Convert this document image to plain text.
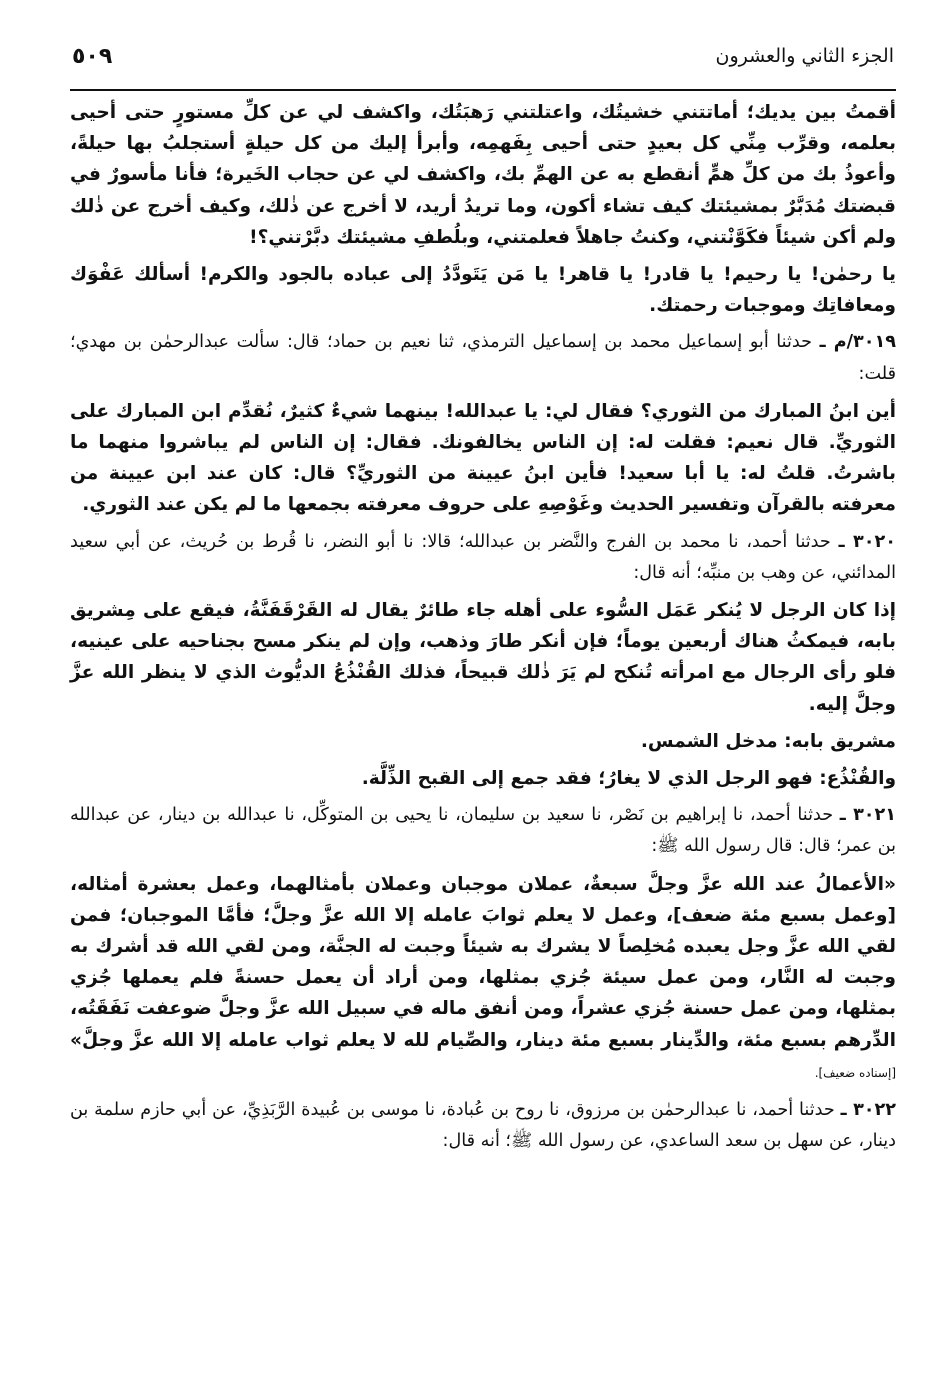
الجزء الثاني والعشرون
٥٠٩

أقمتُ بين يديك؛ أماتتني خشيتُك، واعتلتني رَهبَتُك، واكشف لي عن كلِّ مستورٍ حتى أحيى بعلمه، وقرِّب مِنِّي كل بعيدٍ حتى أحيى بِفَهمِه، وأبرأ إليك من كل حيلةٍ أستجلبُ بها حيلةً، وأعوذُ بك من كلِّ همٍّ أنقطع به عن الهمِّ بك، واكشف لي عن حجاب الخَيرة؛ فأنا مأسورٌ في قبضتك مُدَبَّرٌ بمشيئتك كيف تشاء أكون، وما تريدُ أريد، لا أخرج عن ذٰلك، وكيف أخرج عن ذٰلك ولم أكن شيئاً فكَوَّنْتني، وكنتُ جاهلاً فعلمتني، وبلُطفِ مشيئتك دبَّرْتني؟!

يا رحمٰن! يا رحيم! يا قادر! يا قاهر! يا مَن يَتَودَّدُ إلى عباده بالجود والكرم! أسألك عَفْوَك ومعافاتِك وموجبات رحمتك.

٣٠١٩/م ـ حدثنا أبو إسماعيل محمد بن إسماعيل الترمذي، ثنا نعيم بن حماد؛ قال: سألت عبدالرحمٰن بن مهدي؛ قلت:

أين ابنُ المبارك من الثوري؟ فقال لي: يا عبدالله! بينهما شيءٌ كثيرٌ، نُقدِّم ابن المبارك على الثوريِّ. قال نعيم: فقلت له: إن الناس يخالفونك. فقال: إن الناس لم يباشروا منهما ما باشرتُ. قلتُ له: يا أبا سعيد! فأين ابنُ عيينة من الثوريِّ؟ قال: كان عند ابن عيينة من معرفته بالقرآن وتفسير الحديث وغَوْصِهِ على حروف معرفته بجمعها ما لم يكن عند الثوري.

٣٠٢٠ ـ حدثنا أحمد، نا محمد بن الفرج والنَّضر بن عبدالله؛ قالا: نا أبو النضر، نا قُرط بن حُريث، عن أبي سعيد المدائني، عن وهب بن منبِّه؛ أنه قال:

إذا كان الرجل لا يُنكر عَمَل السُّوء على أهله جاء طائرٌ يقال له القَرْقَفَنَّةُ، فيقع على مِشريق بابه، فيمكثُ هناك أربعين يوماً؛ فإن أنكر طارَ وذهب، وإن لم ينكر مسح بجناحيه على عينيه، فلو رأى الرجال مع امرأته تُنكح لم يَرَ ذٰلك قبيحاً، فذلك القُنْذُعُ الديُّوث الذي لا ينظر الله عزَّ وجلَّ إليه.

مشريق بابه: مدخل الشمس.

والقُنْذُع: فهو الرجل الذي لا يغارُ؛ فقد جمع إلى القبح الذِّلَّة.

٣٠٢١ ـ حدثنا أحمد، نا إبراهيم بن نَصْر، نا سعيد بن سليمان، نا يحيى بن المتوكِّل، نا عبدالله بن دينار، عن عبدالله بن عمر؛ قال: قال رسول الله ﷺ:

«الأعمالُ عند الله عزَّ وجلَّ سبعةٌ، عملان موجبان وعملان بأمثالهما، وعمل بعشرة أمثاله، [وعمل بسبع مئة ضعف]، وعمل لا يعلم ثوابَ عامله إلا الله عزَّ وجلَّ؛ فأمَّا الموجبان؛ فمن لقي الله عزَّ وجل يعبده مُخلِصاً لا يشرك به شيئاً وجبت له الجنَّة، ومن لقي الله قد أشرك به وجبت له النَّار، ومن عمل سيئة جُزي بمثلها، ومن أراد أن يعمل حسنةً فلم يعملها جُزي بمثلها، ومن عمل حسنة جُزي عشراً، ومن أنفق ماله في سبيل الله عزَّ وجلَّ ضوعفت نَفَقَتُه، الدِّرهم بسبع مئة، والدِّينار بسبع مئة دينار، والصِّيام لله لا يعلم ثواب عامله إلا الله عزَّ وجلَّ» [إسناده ضعيف].

٣٠٢٢ ـ حدثنا أحمد، نا عبدالرحمٰن بن مرزوق، نا روح بن عُبادة، نا موسى بن عُبيدة الرَّبَذِيِّ، عن أبي حازم سلمة بن دينار، عن سهل بن سعد الساعدي، عن رسول الله ﷺ؛ أنه قال:
